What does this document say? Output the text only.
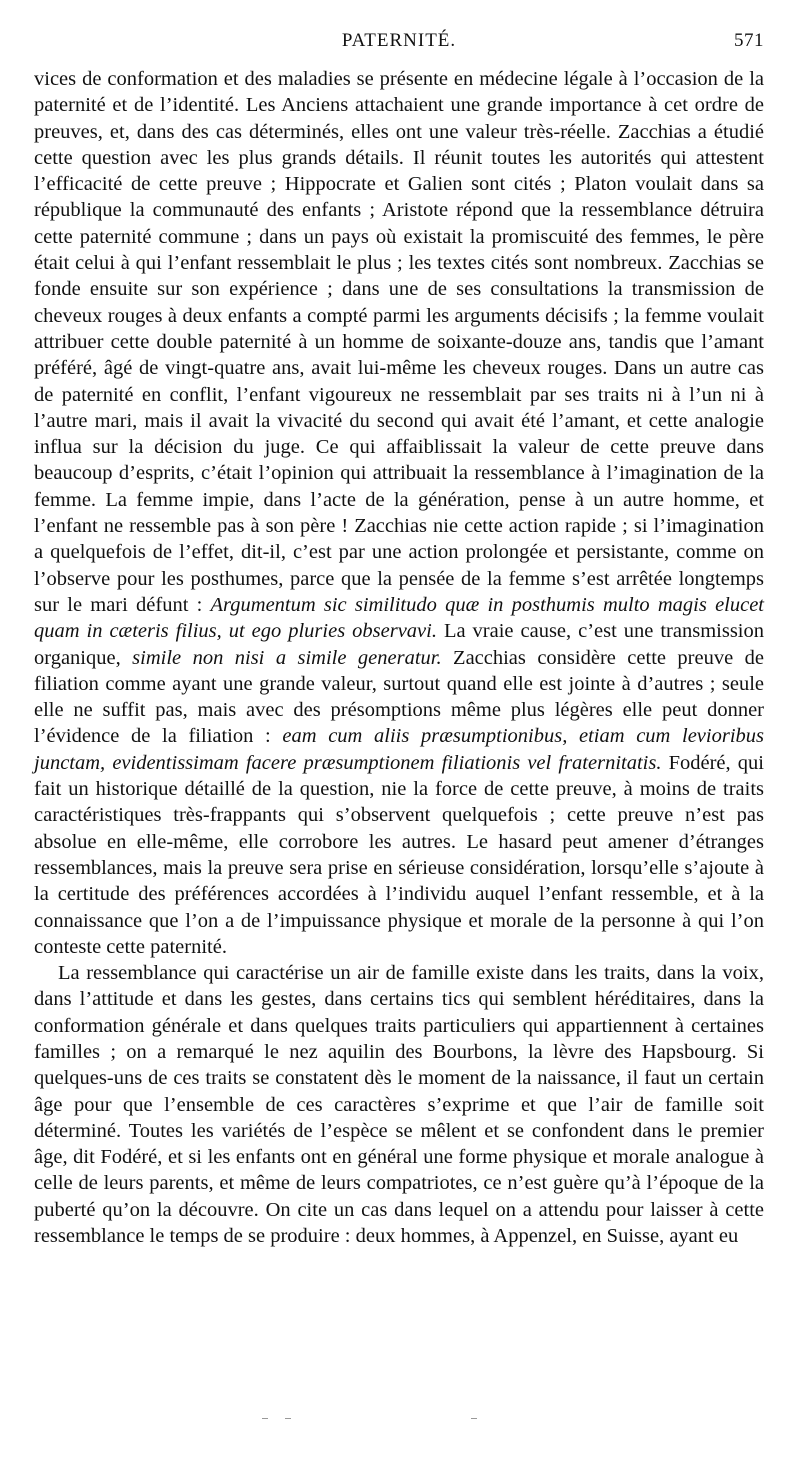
PATERNITÉ.	571

vices de conformation et des maladies se présente en médecine légale à l’occasion de la paternité et de l’identité. Les Anciens attachaient une grande importance à cet ordre de preuves, et, dans des cas déterminés, elles ont une valeur très-réelle. Zacchias a étudié cette question avec les plus grands détails. Il réunit toutes les autorités qui attestent l’efficacité de cette preuve ; Hippocrate et Galien sont cités ; Platon voulait dans sa république la communauté des enfants ; Aristote répond que la ressemblance détruira cette paternité commune ; dans un pays où existait la promiscuité des femmes, le père était celui à qui l’enfant ressemblait le plus ; les textes cités sont nombreux. Zacchias se fonde ensuite sur son expérience ; dans une de ses consultations la transmission de cheveux rouges à deux enfants a compté parmi les arguments décisifs ; la femme voulait attribuer cette double paternité à un homme de soixante-douze ans, tandis que l’amant préféré, âgé de vingt-quatre ans, avait lui-même les cheveux rouges. Dans un autre cas de paternité en conflit, l’enfant vigoureux ne ressemblait par ses traits ni à l’un ni à l’autre mari, mais il avait la vivacité du second qui avait été l’amant, et cette analogie influa sur la décision du juge. Ce qui affaiblissait la valeur de cette preuve dans beaucoup d’esprits, c’était l’opinion qui attribuait la ressemblance à l’imagination de la femme. La femme impie, dans l’acte de la génération, pense à un autre homme, et l’enfant ne ressemble pas à son père ! Zacchias nie cette action rapide ; si l’imagination a quelquefois de l’effet, dit-il, c’est par une action prolongée et persistante, comme on l’observe pour les posthumes, parce que la pensée de la femme s’est arrêtée longtemps sur le mari défunt : Argumentum sic similitudo quæ in posthumis multo magis elucet quam in cæteris filius, ut ego pluries observavi. La vraie cause, c’est une transmission organique, simile non nisi a simile generatur. Zacchias considère cette preuve de filiation comme ayant une grande valeur, surtout quand elle est jointe à d’autres ; seule elle ne suffit pas, mais avec des présomptions même plus légères elle peut donner l’évidence de la filiation : eam cum aliis præsumptionibus, etiam cum levioribus junctam, evidentissimam facere præsumptionem filiationis vel fraternitatis. Fodéré, qui fait un historique détaillé de la question, nie la force de cette preuve, à moins de traits caractéristiques très-frappants qui s’observent quelquefois ; cette preuve n’est pas absolue en elle-même, elle corrobore les autres. Le hasard peut amener d’étranges ressemblances, mais la preuve sera prise en sérieuse considération, lorsqu’elle s’ajoute à la certitude des préférences accordées à l’individu auquel l’enfant ressemble, et à la connaissance que l’on a de l’impuissance physique et morale de la personne à qui l’on conteste cette paternité.

La ressemblance qui caractérise un air de famille existe dans les traits, dans la voix, dans l’attitude et dans les gestes, dans certains tics qui semblent héréditaires, dans la conformation générale et dans quelques traits particuliers qui appartiennent à certaines familles ; on a remarqué le nez aquilin des Bourbons, la lèvre des Hapsbourg. Si quelques-uns de ces traits se constatent dès le moment de la naissance, il faut un certain âge pour que l’ensemble de ces caractères s’exprime et que l’air de famille soit déterminé. Toutes les variétés de l’espèce se mêlent et se confondent dans le premier âge, dit Fodéré, et si les enfants ont en général une forme physique et morale analogue à celle de leurs parents, et même de leurs compatriotes, ce n’est guère qu’à l’époque de la puberté qu’on la découvre. On cite un cas dans lequel on a attendu pour laisser à cette ressemblance le temps de se produire : deux hommes, à Appenzel, en Suisse, ayant eu
